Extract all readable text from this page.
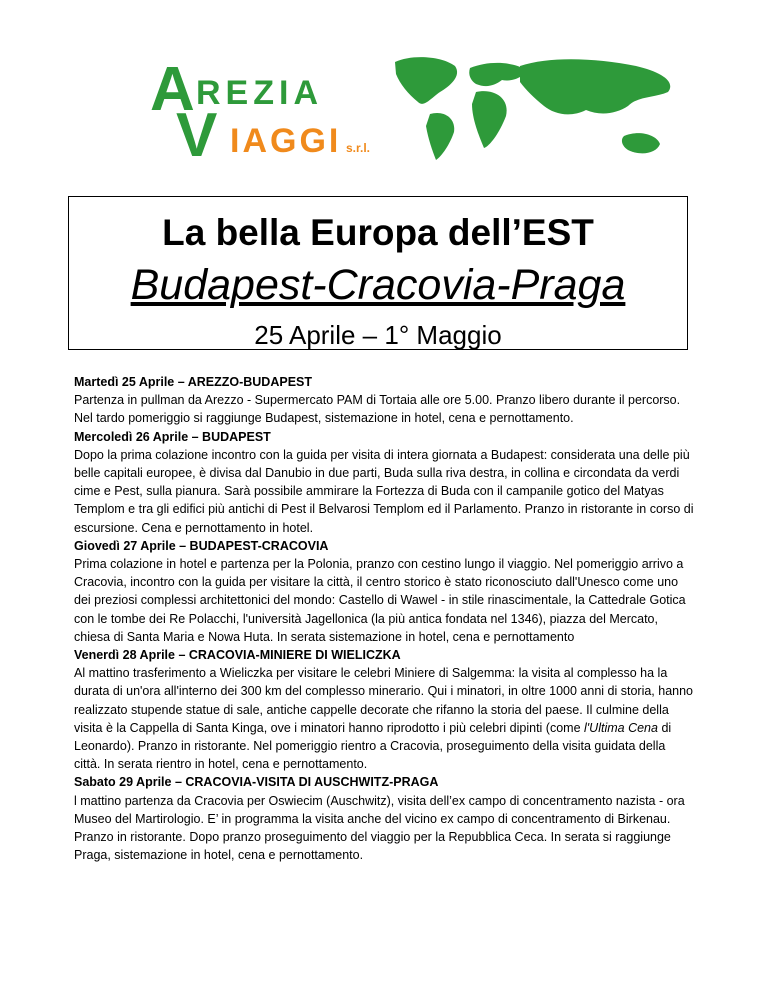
A REZIA
V IAGGI s.r.l.
La bella Europa dell’EST
Budapest-Cracovia-Praga
25 Aprile – 1° Maggio
Martedì 25 Aprile – AREZZO-BUDAPEST
Partenza in pullman da Arezzo - Supermercato PAM di Tortaia alle ore 5.00. Pranzo libero durante il percorso. Nel tardo pomeriggio si raggiunge Budapest, sistemazione in hotel, cena e pernottamento.
Mercoledì 26 Aprile – BUDAPEST
Dopo la prima colazione incontro con la guida per visita di intera giornata a Budapest: considerata una delle più belle capitali europee, è divisa dal Danubio in due parti, Buda sulla riva destra, in collina e circondata da verdi cime e Pest, sulla pianura. Sarà possibile ammirare la Fortezza di Buda con il campanile gotico del Matyas Templom e tra gli edifici più antichi di Pest il Belvarosi Templom ed il Parlamento. Pranzo in ristorante in corso di escursione. Cena e pernottamento in hotel.
Giovedì 27 Aprile – BUDAPEST-CRACOVIA
Prima colazione in hotel e partenza per la Polonia, pranzo con cestino lungo il viaggio. Nel pomeriggio arrivo a Cracovia, incontro con la guida per visitare la città, il centro storico è stato riconosciuto dall'Unesco come uno dei preziosi complessi architettonici del mondo: Castello di Wawel - in stile rinascimentale, la Cattedrale Gotica con le tombe dei Re Polacchi, l'università Jagellonica (la più antica fondata nel 1346), piazza del Mercato, chiesa di Santa Maria e Nowa Huta. In serata sistemazione in hotel, cena e pernottamento
Venerdì 28 Aprile – CRACOVIA-MINIERE DI WIELICZKA
Al mattino trasferimento a Wieliczka per visitare le celebri Miniere di Salgemma: la visita al complesso ha la durata di un'ora all'interno dei 300 km del complesso minerario. Qui i minatori, in oltre 1000 anni di storia, hanno realizzato stupende statue di sale, antiche cappelle decorate che rifanno la storia del paese. Il culmine della visita è la Cappella di Santa Kinga, ove i minatori hanno riprodotto i più celebri dipinti (come l'Ultima Cena di Leonardo). Pranzo in ristorante. Nel pomeriggio rientro a Cracovia, proseguimento della visita guidata della città. In serata rientro in hotel, cena e pernottamento.
Sabato 29 Aprile – CRACOVIA-VISITA DI AUSCHWITZ-PRAGA
l mattino partenza da Cracovia per Oswiecim (Auschwitz), visita dell’ex campo di concentramento nazista - ora Museo del Martirologio. E’ in programma la visita anche del vicino ex campo di concentramento di Birkenau. Pranzo in ristorante. Dopo pranzo proseguimento del viaggio per la Repubblica Ceca. In serata si raggiunge Praga, sistemazione in hotel, cena e pernottamento.
